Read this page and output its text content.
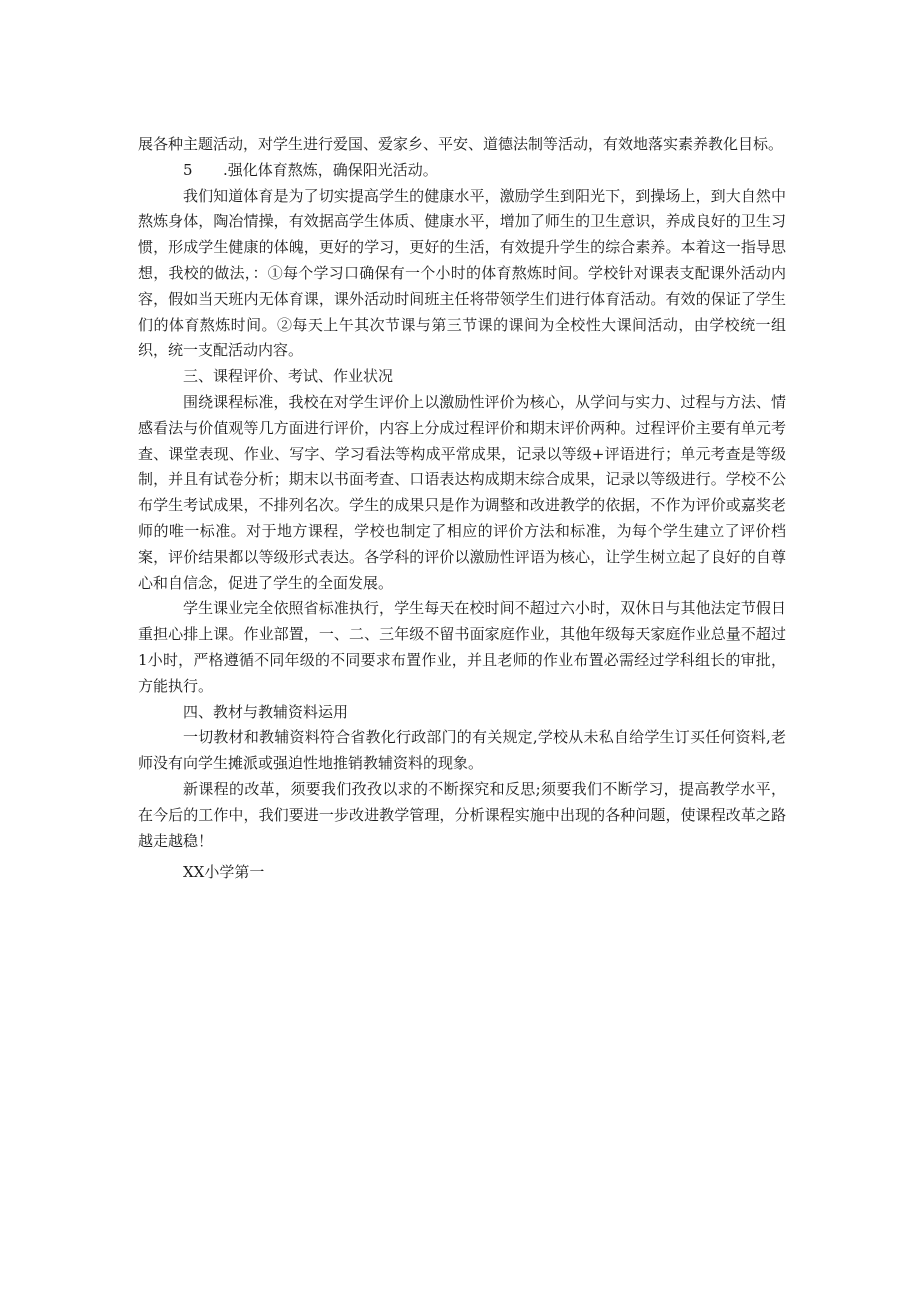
展各种主题活动，对学生进行爱国、爱家乡、平安、道德法制等活动，有效地落实素养教化目标。

5 .强化体育熬炼，确保阳光活动。

我们知道体育是为了切实提高学生的健康水平，激励学生到阳光下，到操场上，到大自然中熬炼身体，陶冶情操，有效据高学生体质、健康水平，增加了师生的卫生意识，养成良好的卫生习惯，形成学生健康的体魄，更好的学习，更好的生活，有效提升学生的综合素养。本着这一指导思想，我校的做法，：①每个学习口确保有一个小时的体育熬炼时间。学校针对课表支配课外活动内容，假如当天班内无体育课，课外活动时间班主任将带领学生们进行体育活动。有效的保证了学生们的体育熬炼时间。②每天上午其次节课与第三节课的课间为全校性大课间活动，由学校统一组织，统一支配活动内容。

三、课程评价、考试、作业状况

围绕课程标准，我校在对学生评价上以激励性评价为核心，从学问与实力、过程与方法、情感看法与价值观等几方面进行评价，内容上分成过程评价和期末评价两种。过程评价主要有单元考查、课堂表现、作业、写字、学习看法等构成平常成果，记录以等级+评语进行；单元考查是等级制，并且有试卷分析；期末以书面考查、口语表达构成期末综合成果，记录以等级进行。学校不公布学生考试成果，不排列名次。学生的成果只是作为调整和改进教学的依据，不作为评价或嘉奖老师的唯一标准。对于地方课程，学校也制定了相应的评价方法和标准，为每个学生建立了评价档案，评价结果都以等级形式表达。各学科的评价以激励性评语为核心，让学生树立起了良好的自尊心和自信念，促进了学生的全面发展。

学生课业完全依照省标准执行，学生每天在校时间不超过六小时，双休日与其他法定节假日重担心排上课。作业部置，一、二、三年级不留书面家庭作业，其他年级每天家庭作业总量不超过1小时，严格遵循不同年级的不同要求布置作业，并且老师的作业布置必需经过学科组长的审批，方能执行。

四、教材与教辅资料运用

一切教材和教辅资料符合省教化行政部门的有关规定,学校从未私自给学生订买任何资料,老师没有向学生摊派或强迫性地推销教辅资料的现象。

新课程的改革，须要我们孜孜以求的不断探究和反思;须要我们不断学习，提高教学水平，在今后的工作中，我们要进一步改进教学管理，分析课程实施中出现的各种问题，使课程改革之路越走越稳！

XX小学第一
